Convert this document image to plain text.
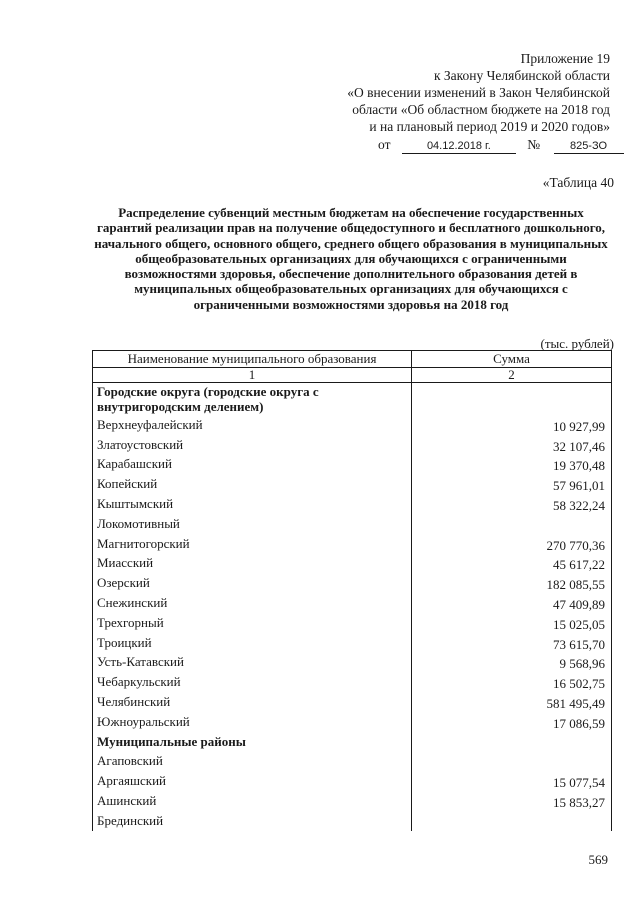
Приложение 19
к Закону Челябинской области
«О внесении изменений в Закон Челябинской
области «Об областном бюджете на 2018 год
и на плановый период 2019 и 2020 годов»
от	04.12.2018 г.	№	825-ЗО
«Таблица 40
Распределение субвенций местным бюджетам на обеспечение государственных гарантий реализации прав на получение общедоступного и бесплатного дошкольного, начального общего, основного общего, среднего общего образования в муниципальных общеобразовательных организациях для обучающихся с ограниченными возможностями здоровья, обеспечение дополнительного образования детей в муниципальных общеобразовательных организациях для обучающихся с ограниченными возможностями здоровья на 2018 год
(тыс. рублей)
Наименование муниципального образования	Сумма
1	2
Городские округа (городские округа с внутригородским делением)	
Верхнеуфалейский	10 927,99
Златоустовский	32 107,46
Карабашский	19 370,48
Копейский	57 961,01
Кыштымский	58 322,24
Локомотивный	
Магнитогорский	270 770,36
Миасский	45 617,22
Озерский	182 085,55
Снежинский	47 409,89
Трехгорный	15 025,05
Троицкий	73 615,70
Усть-Катавский	9 568,96
Чебаркульский	16 502,75
Челябинский	581 495,49
Южноуральский	17 086,59
Муниципальные районы	
Агаповский	
Аргаяшский	15 077,54
Ашинский	15 853,27
Брединский	
569
